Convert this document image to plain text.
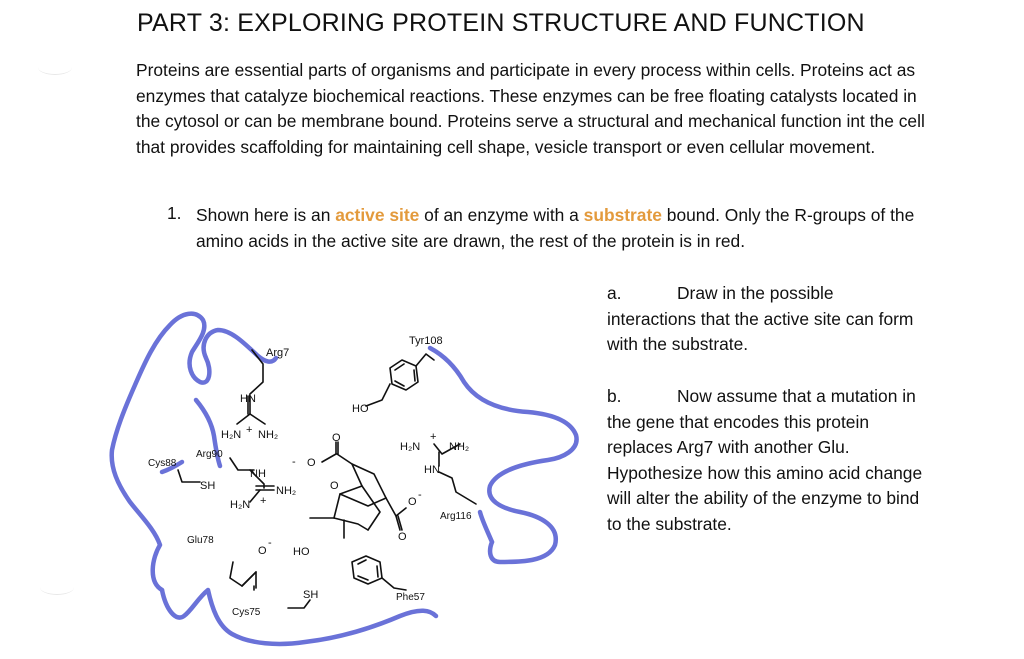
PART 3: EXPLORING PROTEIN STRUCTURE AND FUNCTION
Proteins are essential parts of organisms and participate in every process within cells. Proteins act as enzymes that catalyze biochemical reactions. These enzymes can be free floating catalysts located in the cytosol or can be membrane bound. Proteins serve a structural and mechanical function int the cell that provides scaffolding for maintaining cell shape, vesicle transport or even cellular movement.
1. Shown here is an active site of an enzyme with a substrate bound. Only the R-groups of the amino acids in the active site are drawn, the rest of the protein is in red.
a.	Draw in the possible interactions that the active site can form with the substrate.
b.	Now assume that a mutation in the gene that encodes this protein replaces Arg7 with another Glu. Hypothesize how this amino acid change will alter the ability of the enzyme to bind to the substrate.
Arg7
Tyr108
HN
H₂N + NH₂
Cys88
Arg90
NH
SH	NH₂
H₂N +
HO
H₂N
+
NH₂
HN
O
O
-
O
O
-
O
Arg116
Glu78
O
-
HO
SH
Cys75
Phe57
